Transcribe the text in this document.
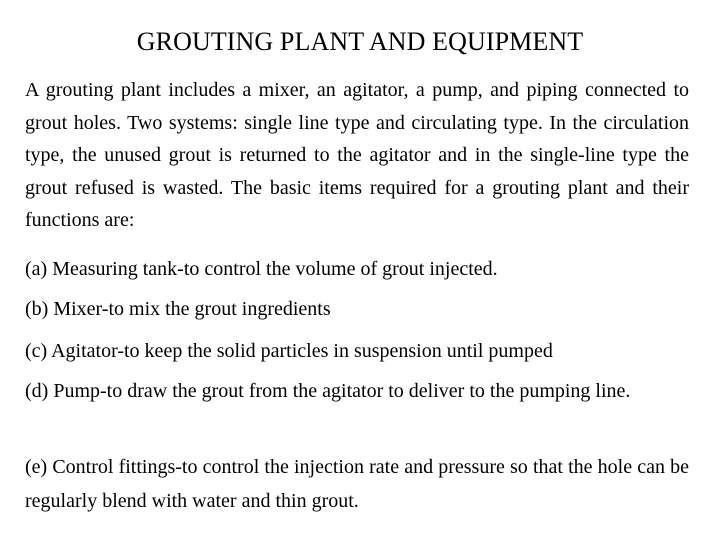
GROUTING PLANT AND EQUIPMENT

A grouting plant includes a mixer, an agitator, a pump, and piping connected to grout holes. Two systems: single line type and circulating type. In the circulation type, the unused grout is returned to the agitator and in the single-line type the grout refused is wasted. The basic items required for a grouting plant and their functions are:

(a) Measuring tank-to control the volume of grout injected.

(b) Mixer-to mix the grout ingredients

(c) Agitator-to keep the solid particles in suspension until pumped

(d) Pump-to draw the grout from the agitator to deliver to the pumping line.

(e) Control fittings-to control the injection rate and pressure so that the hole can be regularly blend with water and thin grout.
